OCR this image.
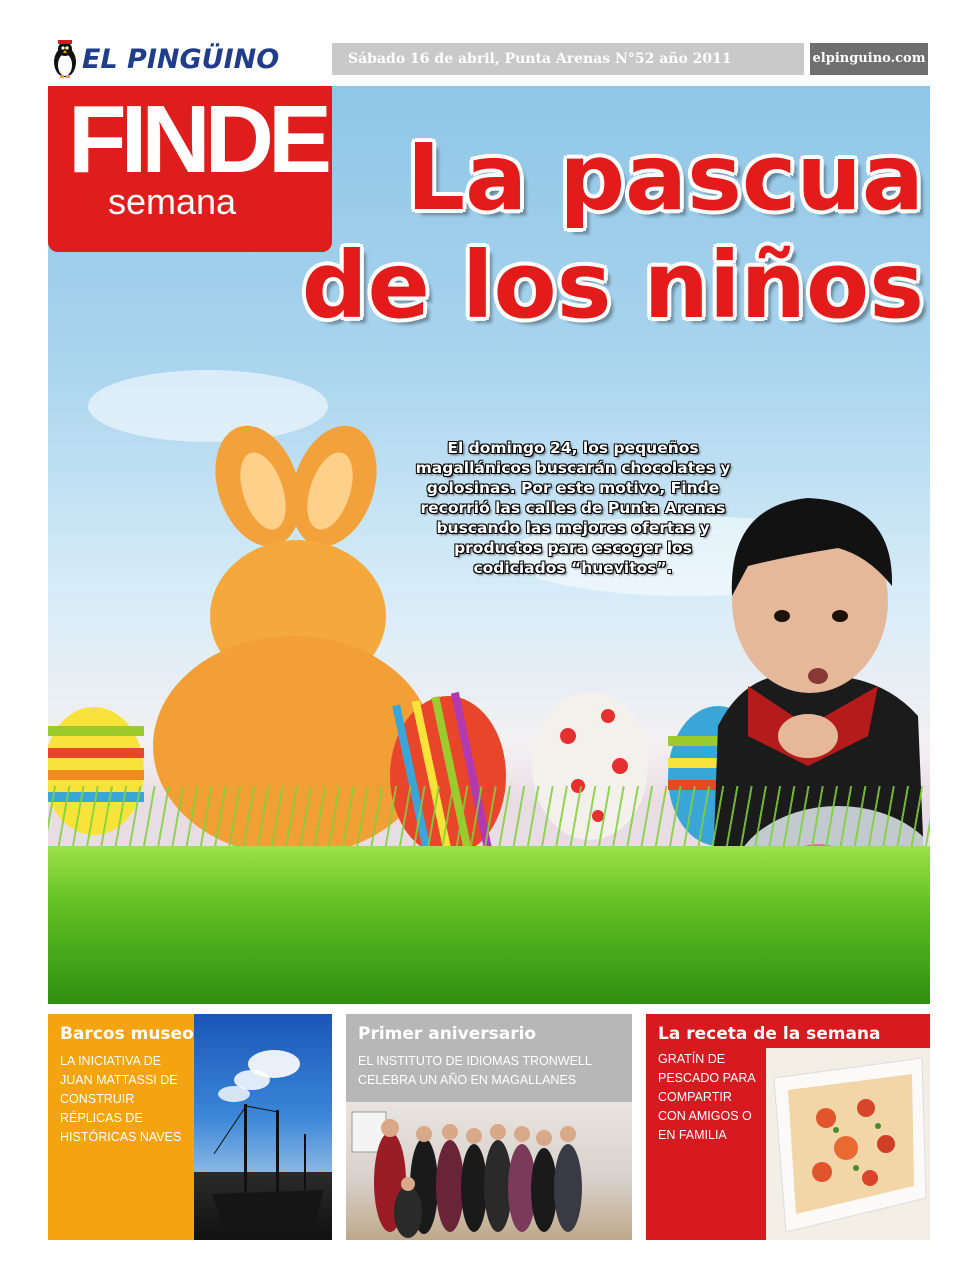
EL PINGÜINO	Sábado 16 de abril, Punta Arenas N°52 año 2011	elpinguino.com
FINDE
semana	La pascua
de los niños
El domingo 24, los pequeños magallánicos buscarán chocolates y golosinas. Por este motivo, Finde recorrió las calles de Punta Arenas buscando las mejores ofertas y productos para escoger los codiciados “huevitos”.
Barcos museo
LA INICIATIVA DE JUAN MATTASSI DE CONSTRUIR RÉPLICAS DE HISTÓRICAS NAVES
Primer aniversario
EL INSTITUTO DE IDIOMAS TRONWELL CELEBRA UN AÑO EN MAGALLANES
La receta de la semana
GRATÍN DE PESCADO PARA COMPARTIR CON AMIGOS O EN FAMILIA
